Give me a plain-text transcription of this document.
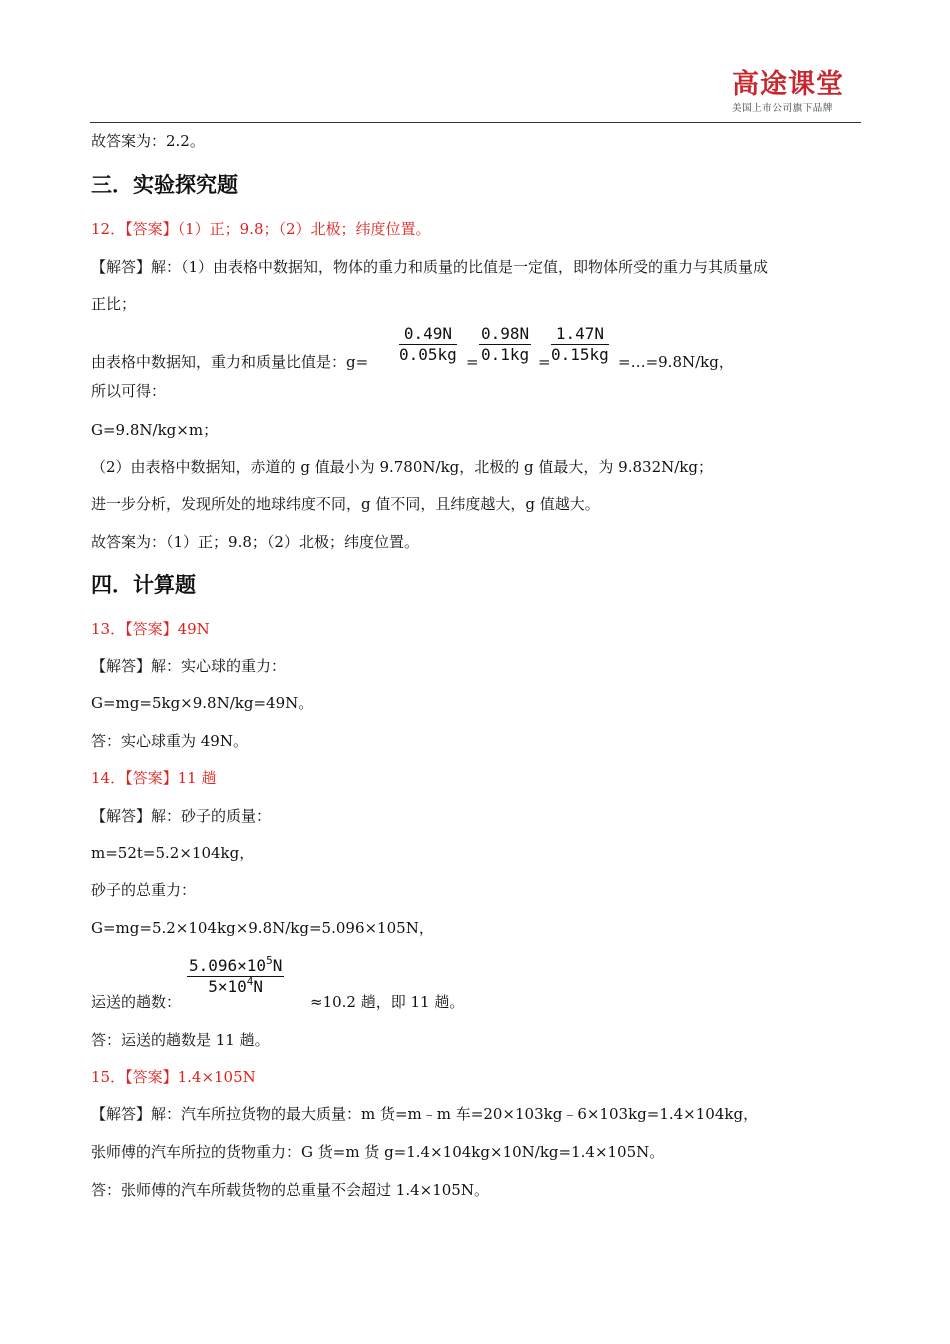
高途课堂
美国上市公司旗下品牌
故答案为：2.2。
三．实验探究题
12．【答案】（1）正；9.8；（2）北极；纬度位置。
【解答】解：（1）由表格中数据知，物体的重力和质量的比值是一定值，即物体所受的重力与其质量成
正比；
由表格中数据知，重力和质量比值是：$g= \frac{0.49N}{0.05kg} = \frac{0.98N}{0.1kg} = \frac{1.47N}{0.15kg}$ =…=9.8N/kg，
所以可得：
G=9.8N/kg×m；
（2）由表格中数据知，赤道的 g 值最小为 9.780N/kg，北极的 g 值最大，为 9.832N/kg；
进一步分析，发现所处的地球纬度不同，g 值不同，且纬度越大，g 值越大。
故答案为：（1）正；9.8；（2）北极；纬度位置。
四．计算题
13．【答案】49N
【解答】解：实心球的重力：
G=mg=5kg×9.8N/kg=49N。
答：实心球重为 49N。
14．【答案】11 趟
【解答】解：砂子的质量：
m=52t=5.2×104kg，
砂子的总重力：
G=mg=5.2×104kg×9.8N/kg=5.096×105N，
运送的趟数：
$\frac{5.096\times 10^5N}{5\times 10^4N}$
≈10.2 趟，即 11 趟。
答：运送的趟数是 11 趟。
15．【答案】1.4×105N
【解答】解：汽车所拉货物的最大质量：m 货=m﹣m 车=20×103kg﹣6×103kg=1.4×104kg，
张师傅的汽车所拉的货物重力：G 货=m 货 g=1.4×104kg×10N/kg=1.4×105N。
答：张师傅的汽车所载货物的总重量不会超过 1.4×105N。
